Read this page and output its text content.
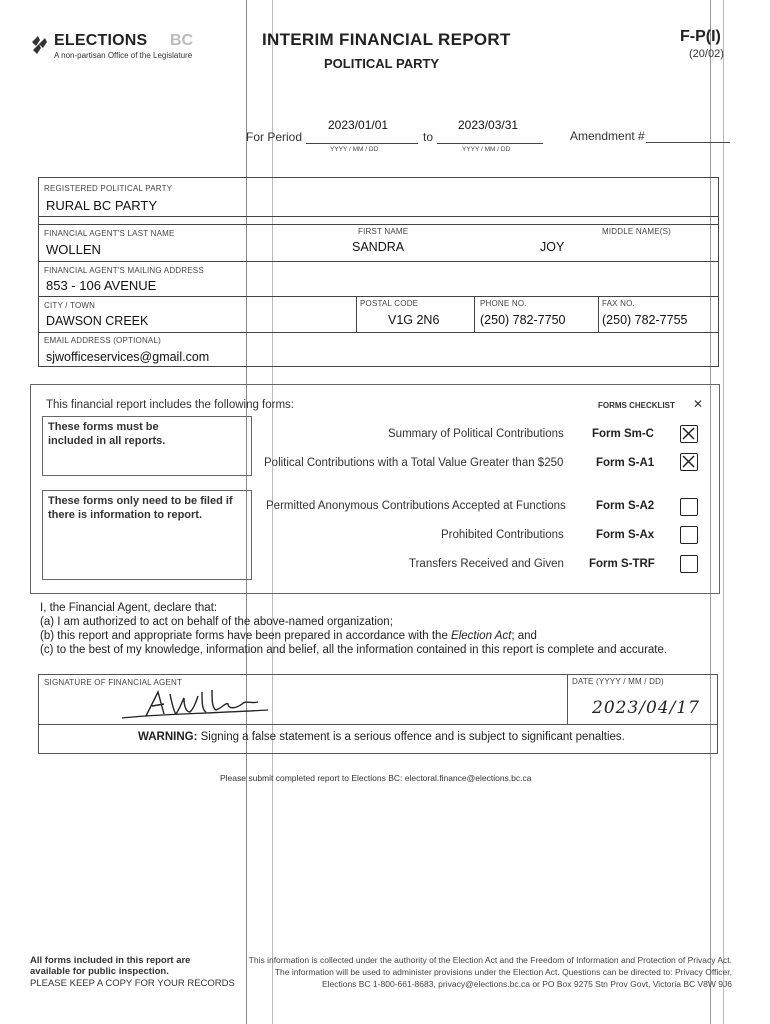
ELECTIONS BC
A non-partisan Office of the Legislature
INTERIM FINANCIAL REPORT
POLITICAL PARTY
F-P(I)
(20/02)
For Period
2023/01/01
YYYY / MM / DD
to
2023/03/31
YYYY / MM / DD
Amendment #
REGISTERED POLITICAL PARTY
RURAL BC PARTY
FINANCIAL AGENT'S LAST NAME
WOLLEN
FIRST NAME
SANDRA
MIDDLE NAME(S)
JOY
FINANCIAL AGENT'S MAILING ADDRESS
853 - 106 AVENUE
CITY / TOWN
DAWSON CREEK
POSTAL CODE
V1G 2N6
PHONE NO.
(250) 782-7750
FAX NO.
(250) 782-7755
EMAIL ADDRESS (OPTIONAL)
sjwofficeservices@gmail.com
This financial report includes the following forms:	FORMS CHECKLIST ✕
These forms must be included in all reports.
These forms only need to be filed if there is information to report.
Summary of Political Contributions Form Sm-C
Political Contributions with a Total Value Greater than $250	Form S-A1
Permitted Anonymous Contributions Accepted at Functions	Form S-A2
Prohibited Contributions	Form S-Ax
Transfers Received and Given Form S-TRF
I, the Financial Agent, declare that:
(a) I am authorized to act on behalf of the above-named organization;
(b) this report and appropriate forms have been prepared in accordance with the Election Act; and
(c) to the best of my knowledge, information and belief, all the information contained in this report is complete and accurate.
SIGNATURE OF FINANCIAL AGENT	DATE (YYYY / MM / DD)
2023/04/17
WARNING: Signing a false statement is a serious offence and is subject to significant penalties.
Please submit completed report to Elections BC: electoral.finance@elections.bc.ca
All forms included in this report are
available for public inspection.
PLEASE KEEP A COPY FOR YOUR RECORDS
This information is collected under the authority of the Election Act and the Freedom of Information and Protection of Privacy Act.
The information will be used to administer provisions under the Election Act. Questions can be directed to: Privacy Officer,
Elections BC 1-800-661-8683, privacy@elections.bc.ca or PO Box 9275 Stn Prov Govt, Victoria BC V8W 9J6
